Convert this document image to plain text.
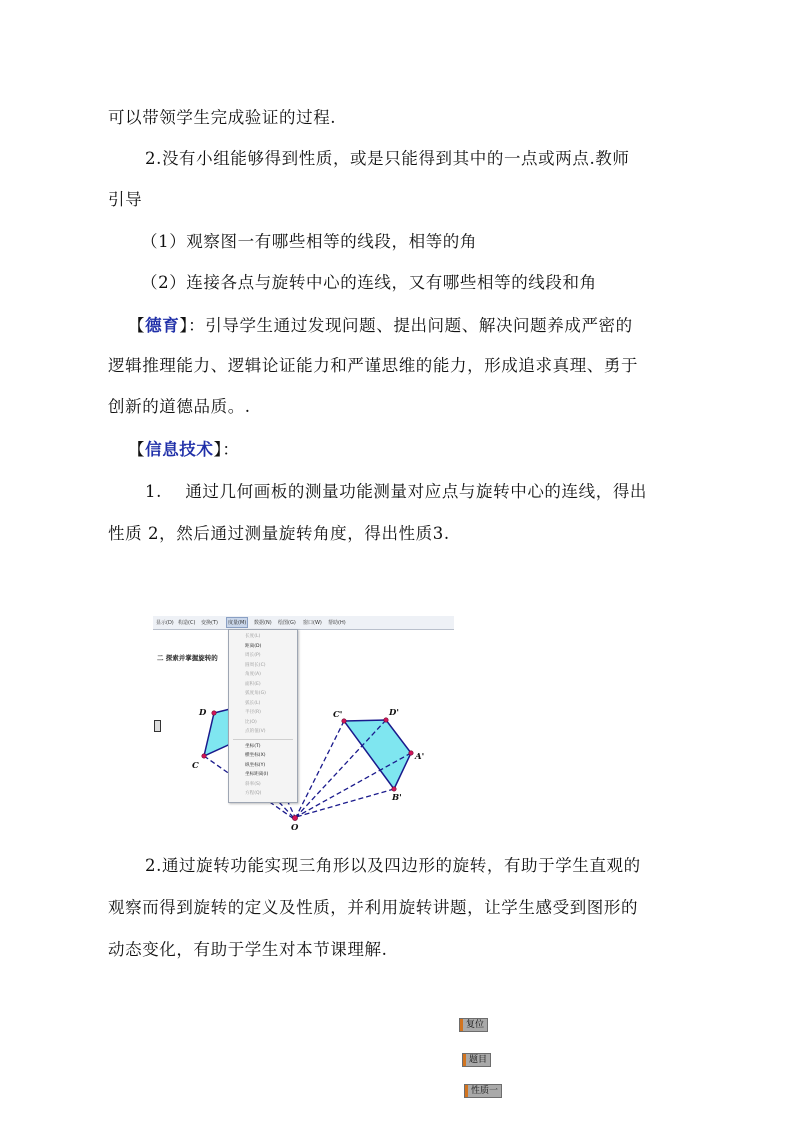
可以带领学生完成验证的过程.
2.没有小组能够得到性质，或是只能得到其中的一点或两点.教师
引导
（1）观察图一有哪些相等的线段，相等的角
（2）连接各点与旋转中心的连线，又有哪些相等的线段和角
【德育】：引导学生通过发现问题、提出问题、解决问题养成严密的
逻辑推理能力、逻辑论证能力和严谨思维的能力，形成追求真理、勇于
创新的道德品质。.
【信息技术】：
1.    通过几何画板的测量功能测量对应点与旋转中心的连线，得出
性质 2，然后通过测量旋转角度，得出性质3.
显示(D) 构造(C) 变换(T)	度量(M)	数据(N) 绘图(G) 窗口(W) 帮助(H)
二 探索并掌握旋转的
D
C
C'	D'
A'
B'
O
长度(L)
距离(D)
周长(P)
圆周长(C)
角度(A)
面积(E)
弧度角(G)
弧长(L)
半径(R)
比(O)
点的值(V)
坐标(T)
横坐标(X)
纵坐标(Y)
坐标距离(I)
斜率(S)
方程(Q)
2.通过旋转功能实现三角形以及四边形的旋转，有助于学生直观的
观察而得到旋转的定义及性质，并利用旋转讲题，让学生感受到图形的
动态变化，有助于学生对本节课理解.
复位
题目
性质一
